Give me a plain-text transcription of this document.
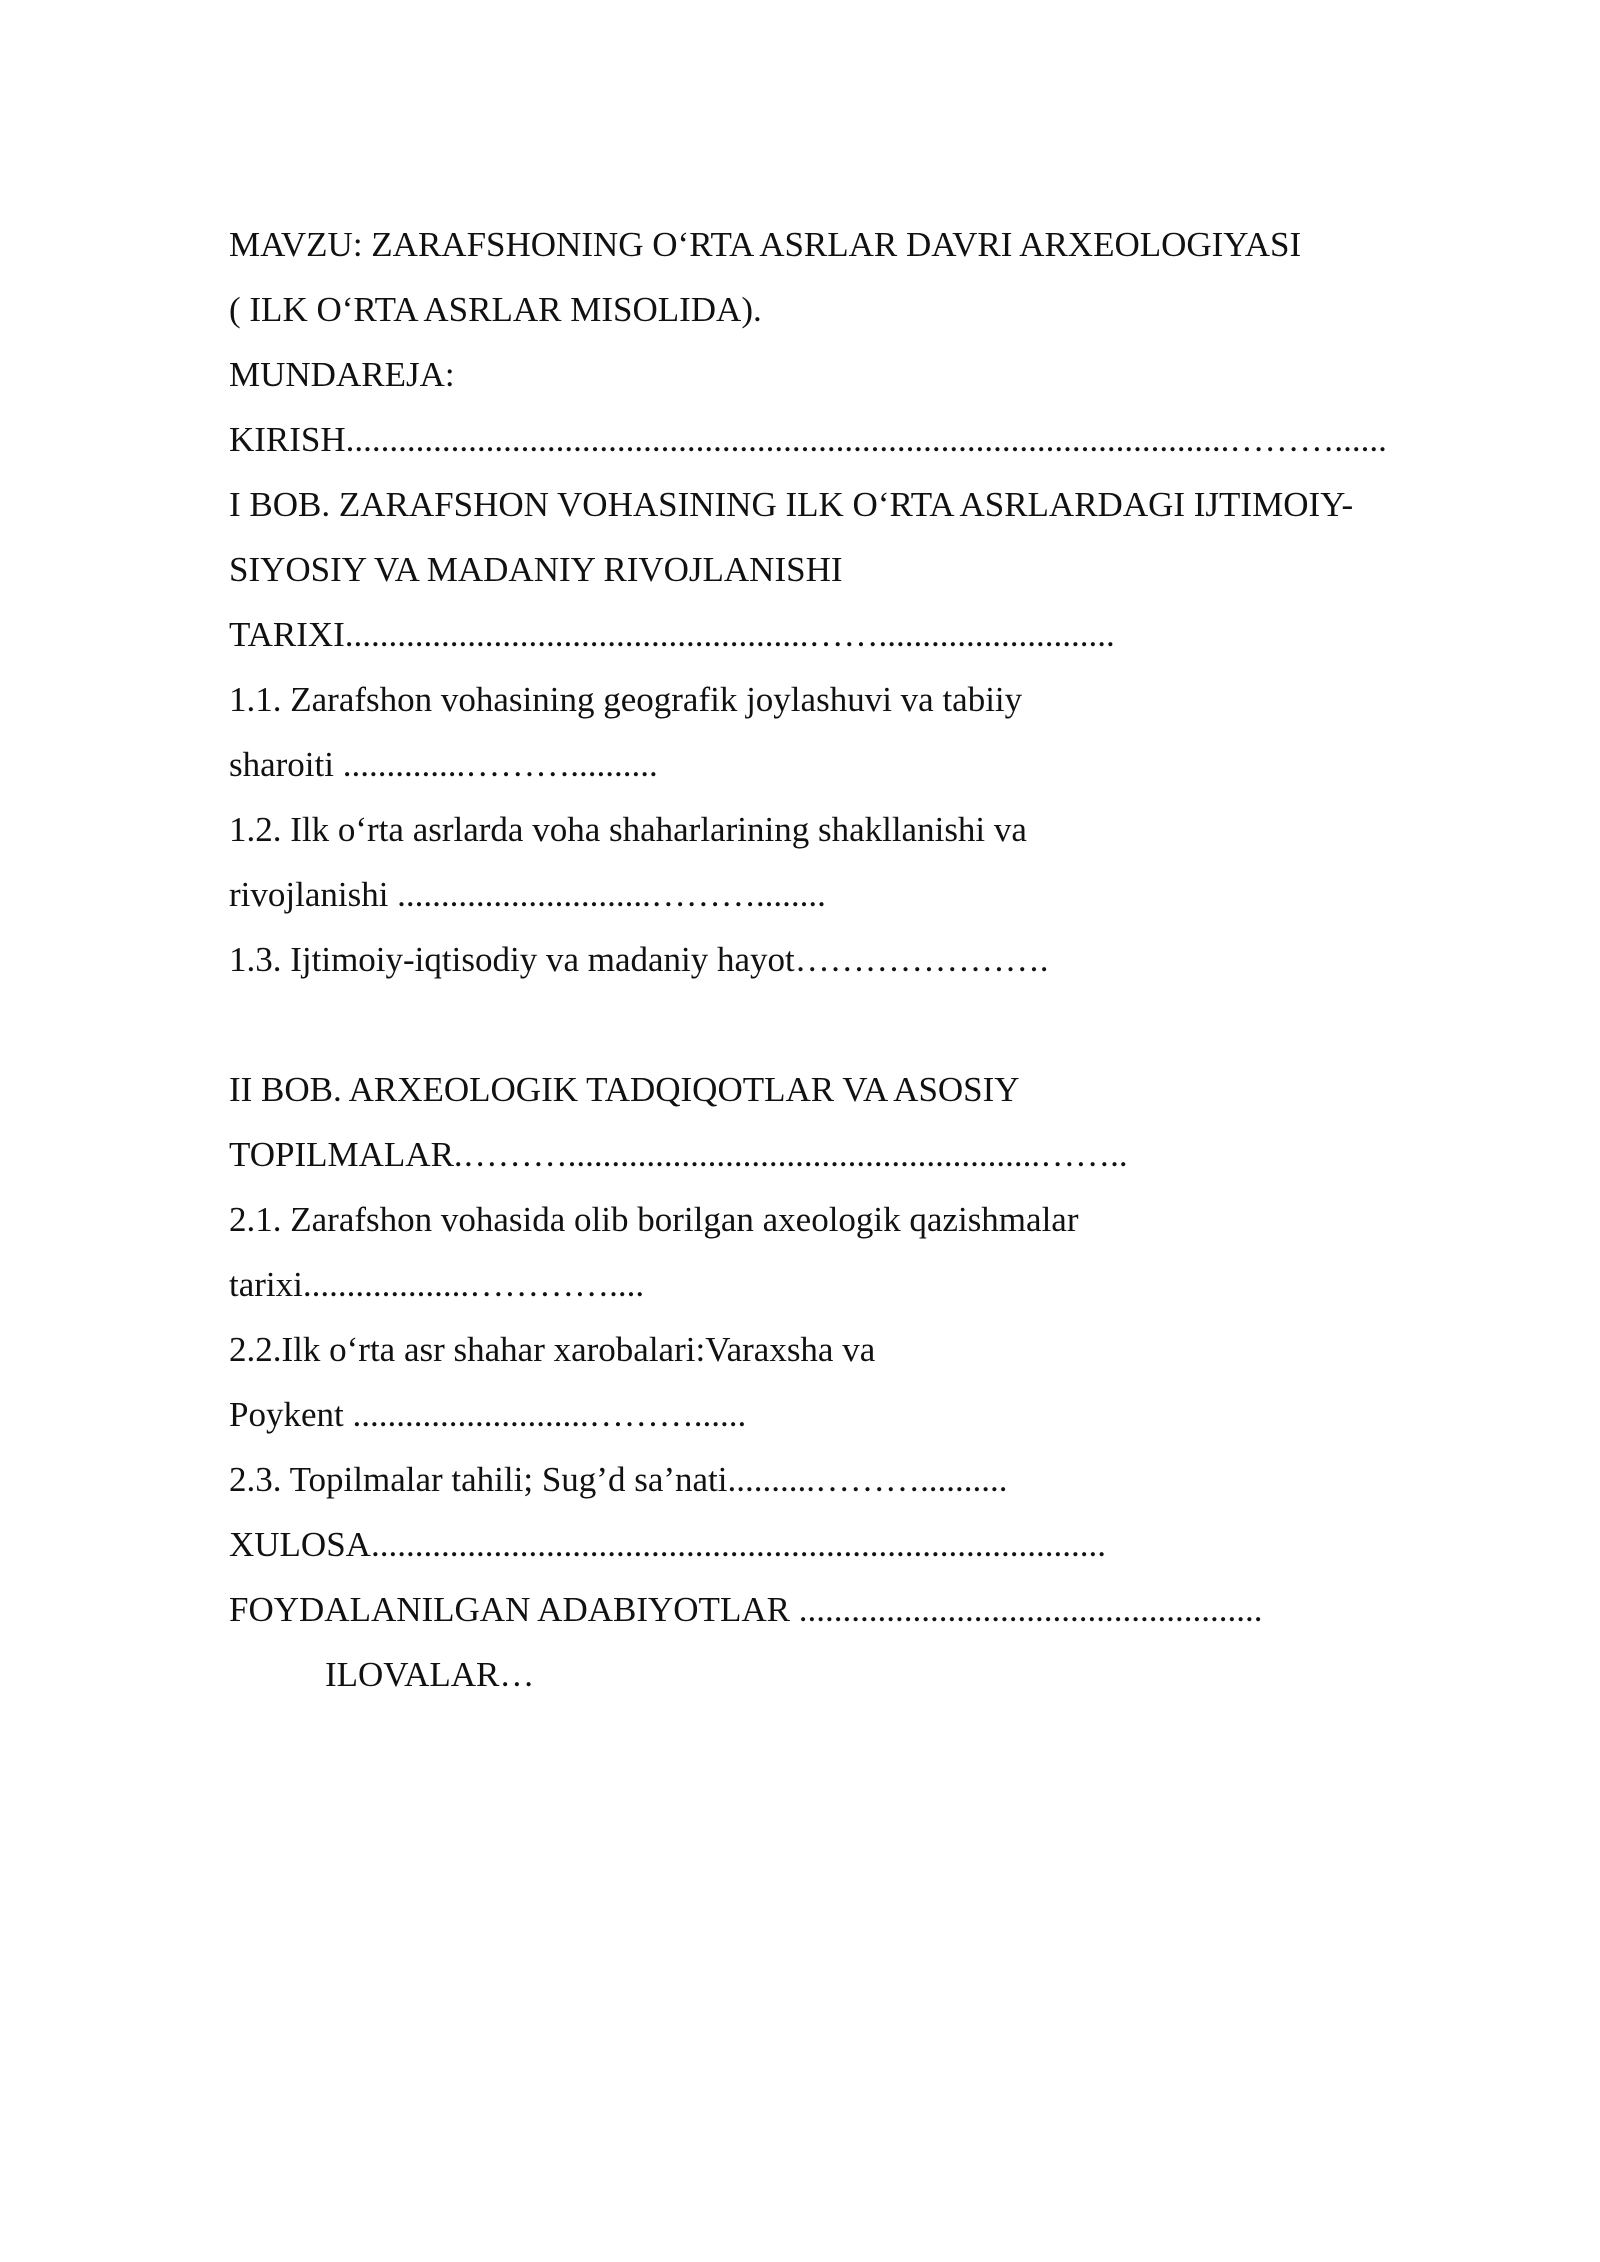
MAVZU: ZARAFSHONING O‘RTA ASRLAR DAVRI ARXEOLOGIYASI

( ILK O‘RTA ASRLAR MISOLIDA).

MUNDAREJA:

KIRISH.....................................................................................................………......

I BOB. ZARAFSHON VOHASINING ILK O‘RTA ASRLARDAGI IJTIMOIY-

SIYOSIY VA MADANIY RIVOJLANISHI

TARIXI.....................................................……...........................

1.1. Zarafshon vohasining geografik joylashuvi va tabiiy

sharoiti ..............………..........

1.2. Ilk o‘rta asrlarda voha shaharlarining shakllanishi va

rivojlanishi .............................………........

1.3. Ijtimoiy-iqtisodiy va madaniy hayot………………….

II BOB. ARXEOLOGIK TADQIQOTLAR VA ASOSIY

TOPILMALAR.………......................................................……..

2.1. Zarafshon vohasida olib borilgan axeologik qazishmalar

tarixi...................…………....

2.2.Ilk o‘rta asr shahar xarobalari:Varaxsha va

Poykent ...........................………......

2.3. Topilmalar tahili; Sug’d sa’nati..........………..........

XULOSA....................................................................................

FOYDALANILGAN ADABIYOTLAR .....................................................

ILOVALAR…
